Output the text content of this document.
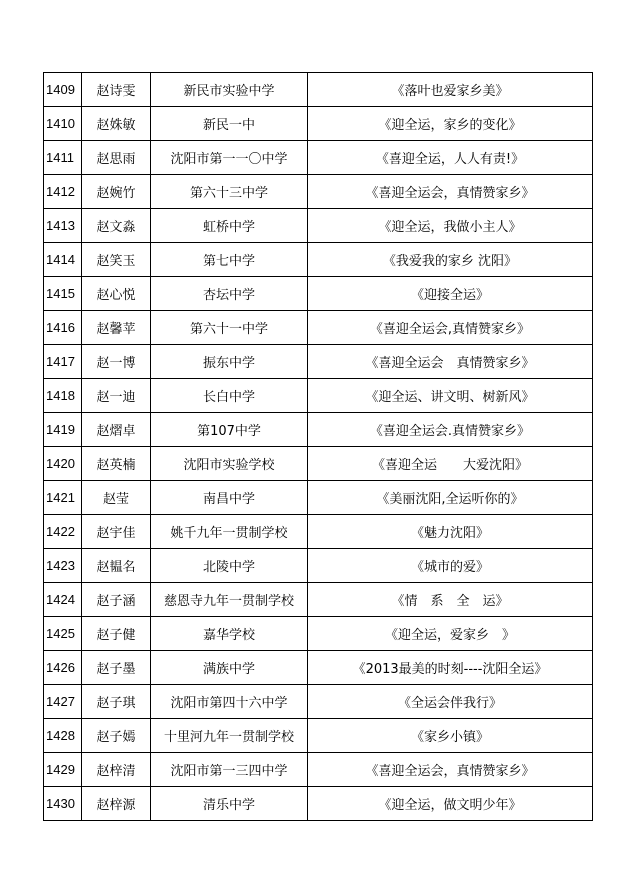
1409	赵诗雯	新民市实验中学	《落叶也爱家乡美》
1410	赵姝敏	新民一中	《迎全运，家乡的变化》
1411	赵思雨	沈阳市第一一〇中学	《喜迎全运，人人有责!》
1412	赵婉竹	第六十三中学	《喜迎全运会，真情赞家乡》
1413	赵文淼	虹桥中学	《迎全运，我做小主人》
1414	赵笑玉	第七中学	《我爱我的家乡 沈阳》
1415	赵心悦	杏坛中学	《迎接全运》
1416	赵馨苹	第六十一中学	《喜迎全运会,真情赞家乡》
1417	赵一博	振东中学	《喜迎全运会　真情赞家乡》
1418	赵一迪	长白中学	《迎全运、讲文明、树新风》
1419	赵熠卓	第107中学	《喜迎全运会.真情赞家乡》
1420	赵英楠	沈阳市实验学校	《喜迎全运　　大爱沈阳》
1421	赵莹	南昌中学	《美丽沈阳,全运听你的》
1422	赵宇佳	姚千九年一贯制学校	《魅力沈阳》
1423	赵韫名	北陵中学	《城市的爱》
1424	赵子涵	慈恩寺九年一贯制学校	《情　系　全　运》
1425	赵子健	嘉华学校	《迎全运，爱家乡　》
1426	赵子墨	满族中学	《2013最美的时刻----沈阳全运》
1427	赵子琪	沈阳市第四十六中学	《全运会伴我行》
1428	赵子嫣	十里河九年一贯制学校	《家乡小镇》
1429	赵梓清	沈阳市第一三四中学	《喜迎全运会，真情赞家乡》
1430	赵梓源	清乐中学	《迎全运，做文明少年》
